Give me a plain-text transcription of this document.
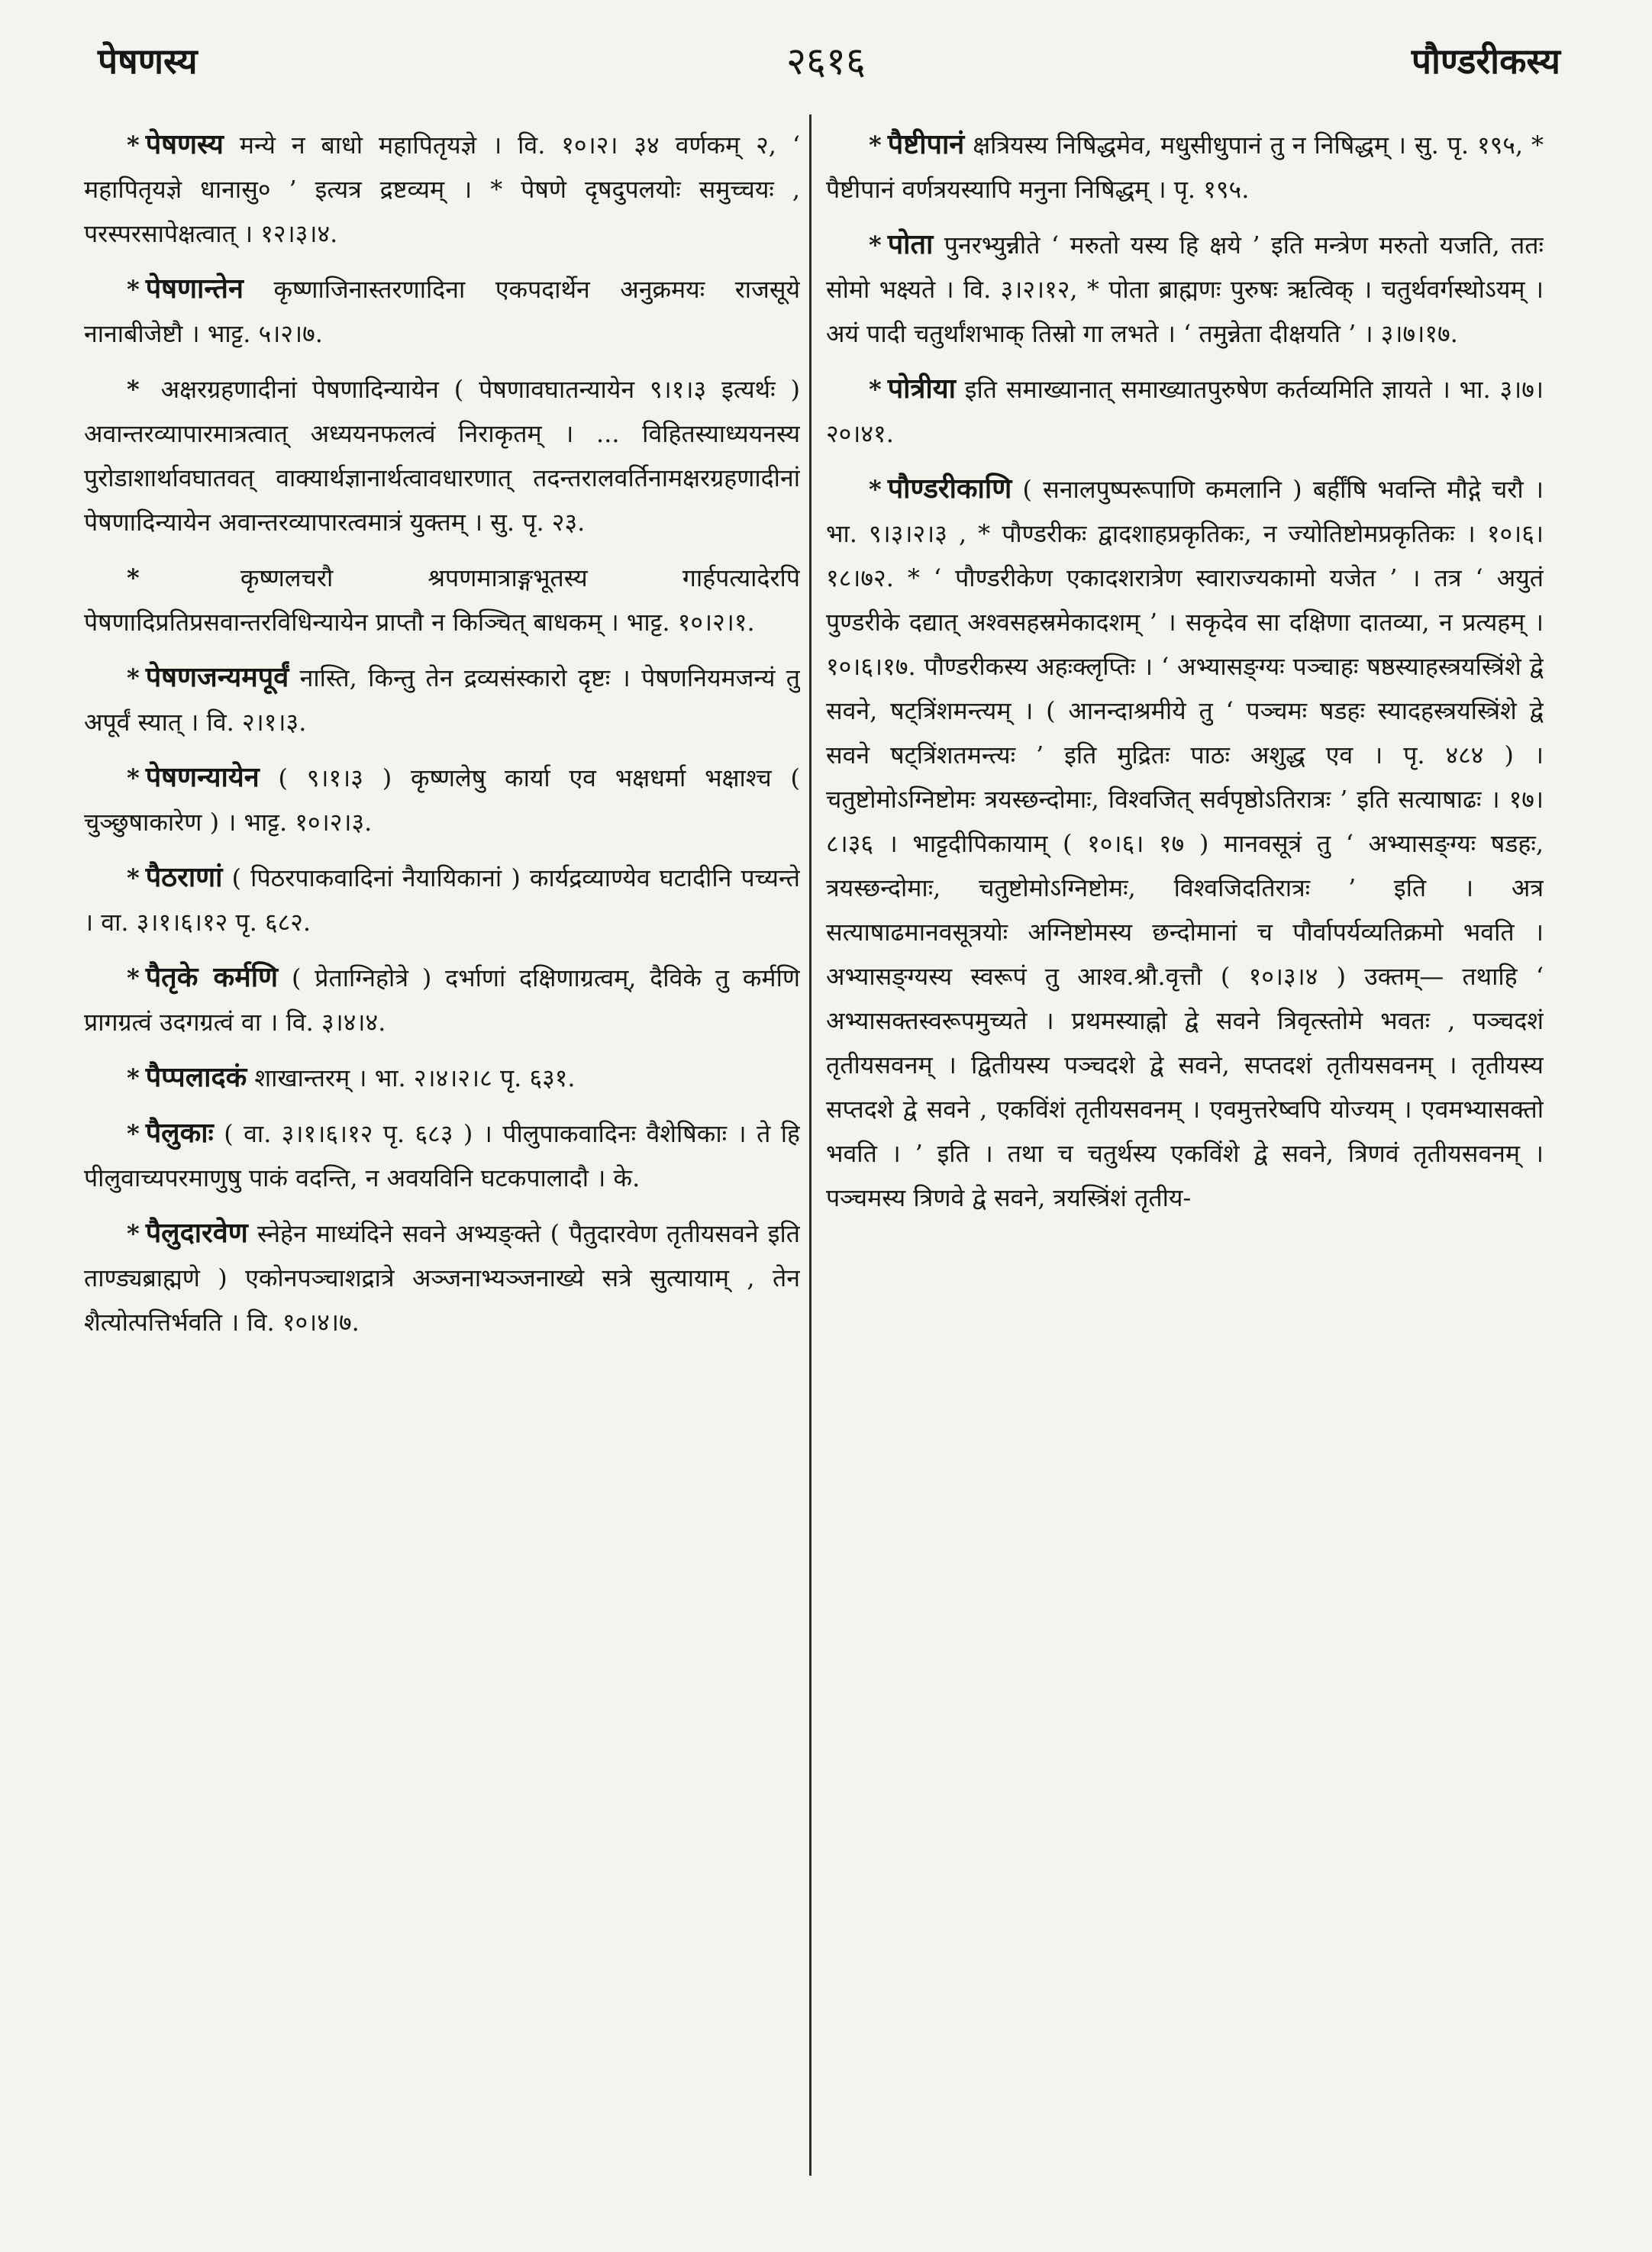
पेषणस्य	२६१६	पौण्डरीकस्य

* पेषणस्य मन्ये न बाधो महापितृयज्ञे । वि. १०।२। ३४ वर्णकम् २, ‘ महापितृयज्ञे धानासु० ’ इत्यत्र द्रष्टव्यम् । * पेषणे दृषदुपलयोः समुच्चयः , परस्परसापेक्षत्वात् । १२।३।४.

* पेषणान्तेन कृष्णाजिनास्तरणादिना एकपदार्थेन अनुक्रमयः राजसूये नानाबीजेष्टौ । भाट्ट. ५।२।७.

* अक्षरग्रहणादीनां पेषणादिन्यायेन ( पेषणावघातन्यायेन ९।१।३ इत्यर्थः ) अवान्तरव्यापारमात्रत्वात् अध्ययनफलत्वं निराकृतम् । ... विहितस्याध्ययनस्य पुरोडाशार्थावघातवत् वाक्यार्थज्ञानार्थत्वावधारणात् तदन्तरालवर्तिनामक्षरग्रहणादीनां पेषणादिन्यायेन अवान्तरव्यापारत्वमात्रं युक्तम् । सु. पृ. २३.

*	कृष्णलचरौ श्रपणमात्राङ्गभूतस्य गार्हपत्यादेरपि पेषणादिप्रतिप्रसवान्तरविधिन्यायेन प्राप्तौ न किञ्चित् बाधकम् । भाट्ट. १०।२।१.

* पेषणजन्यमपूर्वं नास्ति, किन्तु तेन द्रव्यसंस्कारो दृष्टः । पेषणनियमजन्यं तु अपूर्वं स्यात् । वि. २।१।३.

* पेषणन्यायेन ( ९।१।३ ) कृष्णलेषु कार्या एव भक्षधर्मा भक्षाश्च ( चुञ्छुषाकारेण ) । भाट्ट. १०।२।३.

* पैठराणां ( पिठरपाकवादिनां नैयायिकानां ) कार्यद्रव्याण्येव घटादीनि पच्यन्ते । वा. ३।१।६।१२ पृ. ६८२.

* पैतृके कर्मणि ( प्रेताग्निहोत्रे ) दर्भाणां दक्षिणाग्रत्वम्, दैविके तु कर्मणि प्रागग्रत्वं उदगग्रत्वं वा । वि. ३।४।४.

* पैप्पलादकं शाखान्तरम् । भा. २।४।२।८ पृ. ६३१.

* पैलुकाः ( वा. ३।१।६।१२ पृ. ६८३ ) । पीलुपाकवादिनः वैशेषिकाः । ते हि पीलुवाच्यपरमाणुषु पाकं वदन्ति, न अवयविनि घटकपालादौ । के.

* पैलुदारवेण स्नेहेन माध्यंदिने सवने अभ्यङ्क्ते ( पैतुदारवेण तृतीयसवने इति ताण्ड्यब्राह्मणे ) एकोनपञ्चाशद्रात्रे अञ्जनाभ्यञ्जनाख्ये सत्रे सुत्यायाम् , तेन शैत्योत्पत्तिर्भवति । वि. १०।४।७.

* पैष्टीपानं क्षत्रियस्य निषिद्धमेव, मधुसीधुपानं तु न निषिद्धम् । सु. पृ. १९५, * पैष्टीपानं वर्णत्रयस्यापि मनुना निषिद्धम् । पृ. १९५.

* पोता पुनरभ्युन्नीते ‘ मरुतो यस्य हि क्षये ’ इति मन्त्रेण मरुतो यजति, ततः सोमो भक्ष्यते । वि. ३।२।१२, * पोता ब्राह्मणः पुरुषः ऋत्विक् । चतुर्थवर्गस्थोऽयम् । अयं पादी चतुर्थांशभाक् तिस्रो गा लभते । ‘ तमुन्नेता दीक्षयति ’ । ३।७।१७.

* पोत्रीया इति समाख्यानात् समाख्यातपुरुषेण कर्तव्यमिति ज्ञायते । भा. ३।७।२०।४१.

* पौण्डरीकाणि ( सनालपुष्परूपाणि कमलानि ) बर्हींषि भवन्ति मौद्गे चरौ । भा. ९।३।२।३ , * पौण्डरीकः द्वादशाहप्रकृतिकः, न ज्योतिष्टोमप्रकृतिकः । १०।६।१८।७२. * ‘ पौण्डरीकेण एकादशरात्रेण स्वाराज्यकामो यजेत ’ । तत्र ‘ अयुतं पुण्डरीके दद्यात् अश्वसहस्रमेकादशम् ’ । सकृदेव सा दक्षिणा दातव्या, न प्रत्यहम् । १०।६।१७. पौण्डरीकस्य अहःक्लृप्तिः । ‘ अभ्यासङ्ग्यः पञ्चाहः षष्ठस्याहस्त्रयस्त्रिंशे द्वे सवने, षट्त्रिंशमन्त्यम् । ( आनन्दाश्रमीये तु ‘ पञ्चमः षडहः स्यादहस्त्रयस्त्रिंशे द्वे सवने षट्त्रिंशतमन्त्यः ’ इति मुद्रितः पाठः अशुद्ध एव । पृ. ४८४ ) । चतुष्टोमोऽग्निष्टोमः त्रयस्छन्दोमाः, विश्वजित् सर्वपृष्ठोऽतिरात्रः ’ इति सत्याषाढः । १७।८।३६ । भाट्टदीपिकायाम् ( १०।६। १७ ) मानवसूत्रं तु ‘ अभ्यासङ्ग्यः षडहः, त्रयस्छन्दोमाः, चतुष्टोमोऽग्निष्टोमः, विश्वजिदतिरात्रः ’ इति । अत्र सत्याषाढमानवसूत्रयोः अग्निष्टोमस्य छन्दोमानां च पौर्वापर्यव्यतिक्रमो भवति । अभ्यासङ्ग्यस्य स्वरूपं तु आश्व.श्रौ.वृत्तौ ( १०।३।४ ) उक्तम्— तथाहि ‘ अभ्यासक्तस्वरूपमुच्यते । प्रथमस्याह्नो द्वे सवने त्रिवृत्स्तोमे भवतः , पञ्चदशं तृतीयसवनम् । द्वितीयस्य पञ्चदशे द्वे सवने, सप्तदशं तृतीयसवनम् । तृतीयस्य सप्तदशे द्वे सवने , एकविंशं तृतीयसवनम् । एवमुत्तरेष्वपि योज्यम् । एवमभ्यासक्तो भवति । ’ इति । तथा च चतुर्थस्य एकविंशे द्वे सवने, त्रिणवं तृतीयसवनम् । पञ्चमस्य त्रिणवे द्वे सवने, त्रयस्त्रिंशं तृतीय-
